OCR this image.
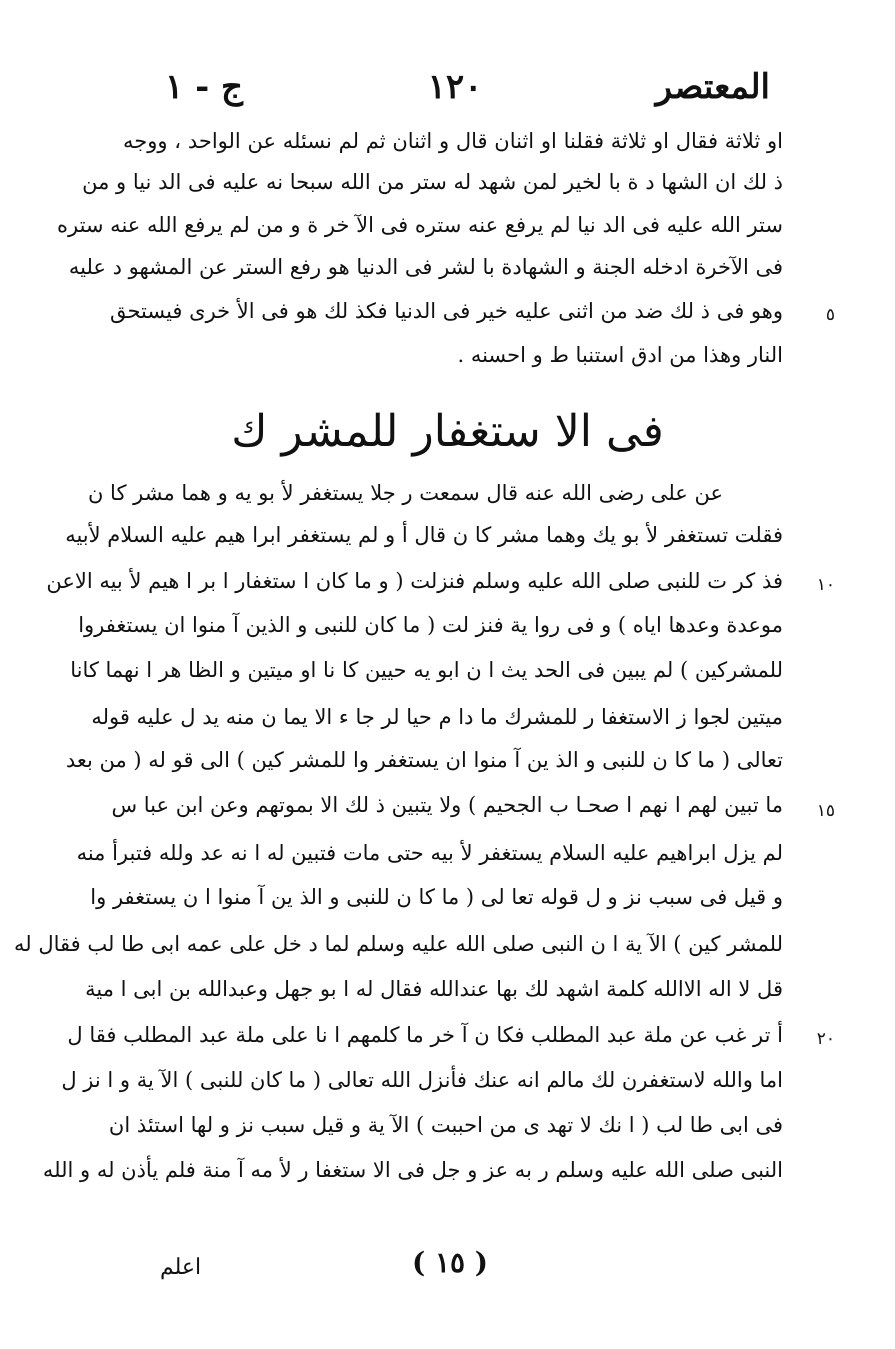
المعتصر
١٢٠
ج - ١
او ثلاثة فقال او ثلاثة فقلنا او اثنان قال و اثنان ثم لم نسئله عن الواحد ، ووجه
ذ لك ان الشها د ة با لخير لمن شهد له ستر من الله سبحا نه عليه فى الد نيا و من
ستر الله عليه فى الد نيا لم يرفع عنه ستره فى الآ خر ة و من لم يرفع الله عنه ستره
فى الآخرة ادخله الجنة و الشهادة با لشر فى الدنيا هو رفع الستر عن المشهو د عليه
وهو فى ذ لك ضد من اثنى عليه خير فى الدنيا فكذ لك هو فى الأ خرى فيستحق
النار وهذا من ادق استنبا ط و احسنه .
فى الا ستغفار للمشر ك
عن على رضى الله عنه قال سمعت ر جلا يستغفر لأ بو يه و هما مشر كا ن
فقلت تستغفر لأ بو يك وهما مشر كا ن قال أ و لم يستغفر ابرا هيم عليه السلام لأبيه
فذ كر ت للنبى صلى الله عليه وسلم فنزلت ( و ما كان ا ستغفار ا بر ا هيم لأ بيه الاعن
موعدة وعدها اياه ) و فى روا ية فنز لت ( ما كان للنبى و الذين آ منوا ان يستغفروا
للمشركين ) لم يبين فى الحد يث ا ن ابو يه حيين كا نا او ميتين و الظا هر ا نهما كانا
ميتين لجوا ز الاستغفا ر للمشرك ما دا م حيا لر جا ء الا يما ن منه يد ل عليه قوله
تعالى ( ما كا ن للنبى و الذ ين آ منوا ان يستغفر وا للمشر كين ) الى قو له ( من بعد
ما تبين لهم ا نهم ا صحـا ب الجحيم ) ولا يتبين ذ لك الا بموتهم وعن ابن عبا س
لم يزل ابراهيم عليه السلام يستغفر لأ بيه حتى مات فتبين له ا نه عد ولله فتبرأ منه
و قيل فى سبب نز و ل قوله تعا لى ( ما كا ن للنبى و الذ ين آ منوا ا ن يستغفر وا
للمشر كين ) الآ ية ا ن النبى صلى الله عليه وسلم لما د خل على عمه ابى طا لب فقال له
قل لا اله الاالله كلمة اشهد لك بها عندالله فقال له ا بو جهل وعبدالله بن ابى ا مية
أ تر غب عن ملة عبد المطلب فكا ن آ خر ما كلمهم ا نا على ملة عبد المطلب فقا ل
اما والله لاستغفرن لك مالم انه عنك فأنزل الله تعالى ( ما كان للنبى ) الآ ية و ا نز ل
فى ابى طا لب ( ا نك لا تهد ى من احببت ) الآ ية و قيل سبب نز و لها استئذ ان
النبى صلى الله عليه وسلم ر به عز و جل فى الا ستغفا ر لأ مه آ منة فلم يأذن له و الله
٥
١٠
١٥
٢٠
( ١٥ )
اعلم
